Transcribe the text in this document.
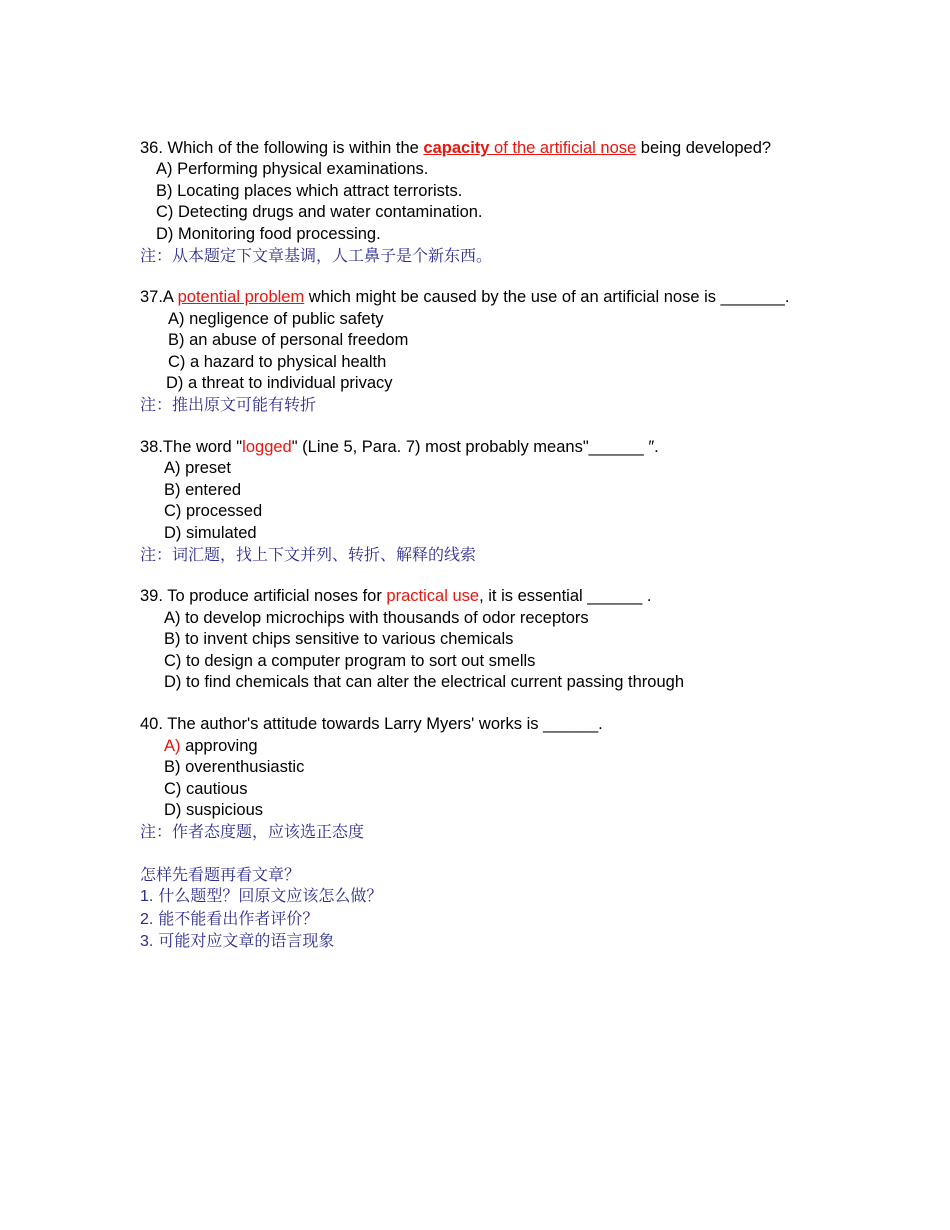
36. Which of the following is within the capacity of the artificial nose being developed?
A) Performing physical examinations.
B) Locating places which attract terrorists.
C) Detecting drugs and water contamination.
D) Monitoring food processing.
注：从本题定下文章基调，人工鼻子是个新东西。
37.A potential problem which might be caused by the use of an artificial nose is _______.
A) negligence of public safety
B) an abuse of personal freedom
C) a hazard to physical health
D) a threat to individual privacy
注：推出原文可能有转折
38.The word "logged" (Line 5, Para. 7) most probably means"______ ″.
A) preset
B) entered
C) processed
D) simulated
注：词汇题，找上下文并列、转折、解释的线索
39. To produce artificial noses for practical use, it is essential ______ .
A) to develop microchips with thousands of odor receptors
B) to invent chips sensitive to various chemicals
C) to design a computer program to sort out smells
D) to find chemicals that can alter the electrical current passing through
40. The author's attitude towards Larry Myers' works is ______.
A) approving
B) overenthusiastic
C) cautious
D) suspicious
注：作者态度题，应该选正态度
怎样先看题再看文章？
1. 什么题型？回原文应该怎么做？
2. 能不能看出作者评价？
3. 可能对应文章的语言现象
